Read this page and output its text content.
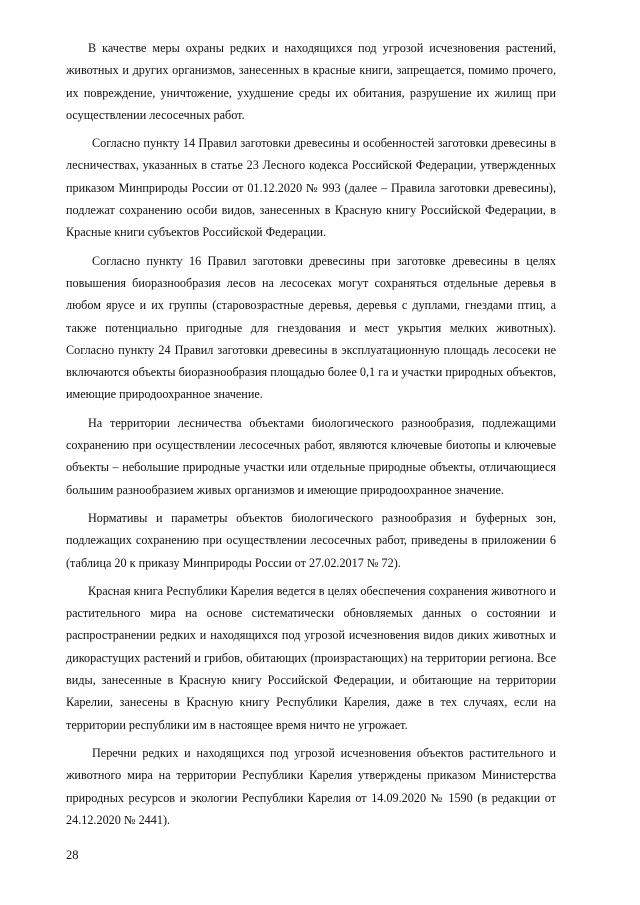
В качестве меры охраны редких и находящихся под угрозой исчезновения растений, животных и других организмов, занесенных в красные книги, запрещается, помимо прочего, их повреждение, уничтожение, ухудшение среды их обитания, разрушение их жилищ при осуществлении лесосечных работ.

Согласно пункту 14 Правил заготовки древесины и особенностей заготовки древесины в лесничествах, указанных в статье 23 Лесного кодекса Российской Федерации, утвержденных приказом Минприроды России от 01.12.2020 № 993 (далее – Правила заготовки древесины), подлежат сохранению особи видов, занесенных в Красную книгу Российской Федерации, в Красные книги субъектов Российской Федерации.

Согласно пункту 16 Правил заготовки древесины при заготовке древесины в целях повышения биоразнообразия лесов на лесосеках могут сохраняться отдельные деревья в любом ярусе и их группы (старовозрастные деревья, деревья с дуплами, гнездами птиц, а также потенциально пригодные для гнездования и мест укрытия мелких животных). Согласно пункту 24 Правил заготовки древесины в эксплуатационную площадь лесосеки не включаются объекты биоразнообразия площадью более 0,1 га и участки природных объектов, имеющие природоохранное значение.

На территории лесничества объектами биологического разнообразия, подлежащими сохранению при осуществлении лесосечных работ, являются ключевые биотопы и ключевые объекты – небольшие природные участки или отдельные природные объекты, отличающиеся большим разнообразием живых организмов и имеющие природоохранное значение.

Нормативы и параметры объектов биологического разнообразия и буферных зон, подлежащих сохранению при осуществлении лесосечных работ, приведены в приложении 6 (таблица 20 к приказу Минприроды России от 27.02.2017 № 72).

Красная книга Республики Карелия ведется в целях обеспечения сохранения животного и растительного мира на основе систематически обновляемых данных о состоянии и распространении редких и находящихся под угрозой исчезновения видов диких животных и дикорастущих растений и грибов, обитающих (произрастающих) на территории региона. Все виды, занесенные в Красную книгу Российской Федерации, и обитающие на территории Карелии, занесены в Красную книгу Республики Карелия, даже в тех случаях, если на территории республики им в настоящее время ничто не угрожает.

Перечни редких и находящихся под угрозой исчезновения объектов растительного и животного мира на территории Республики Карелия утверждены приказом Министерства природных ресурсов и экологии Республики Карелия от 14.09.2020 № 1590 (в редакции от 24.12.2020 № 2441).

28
